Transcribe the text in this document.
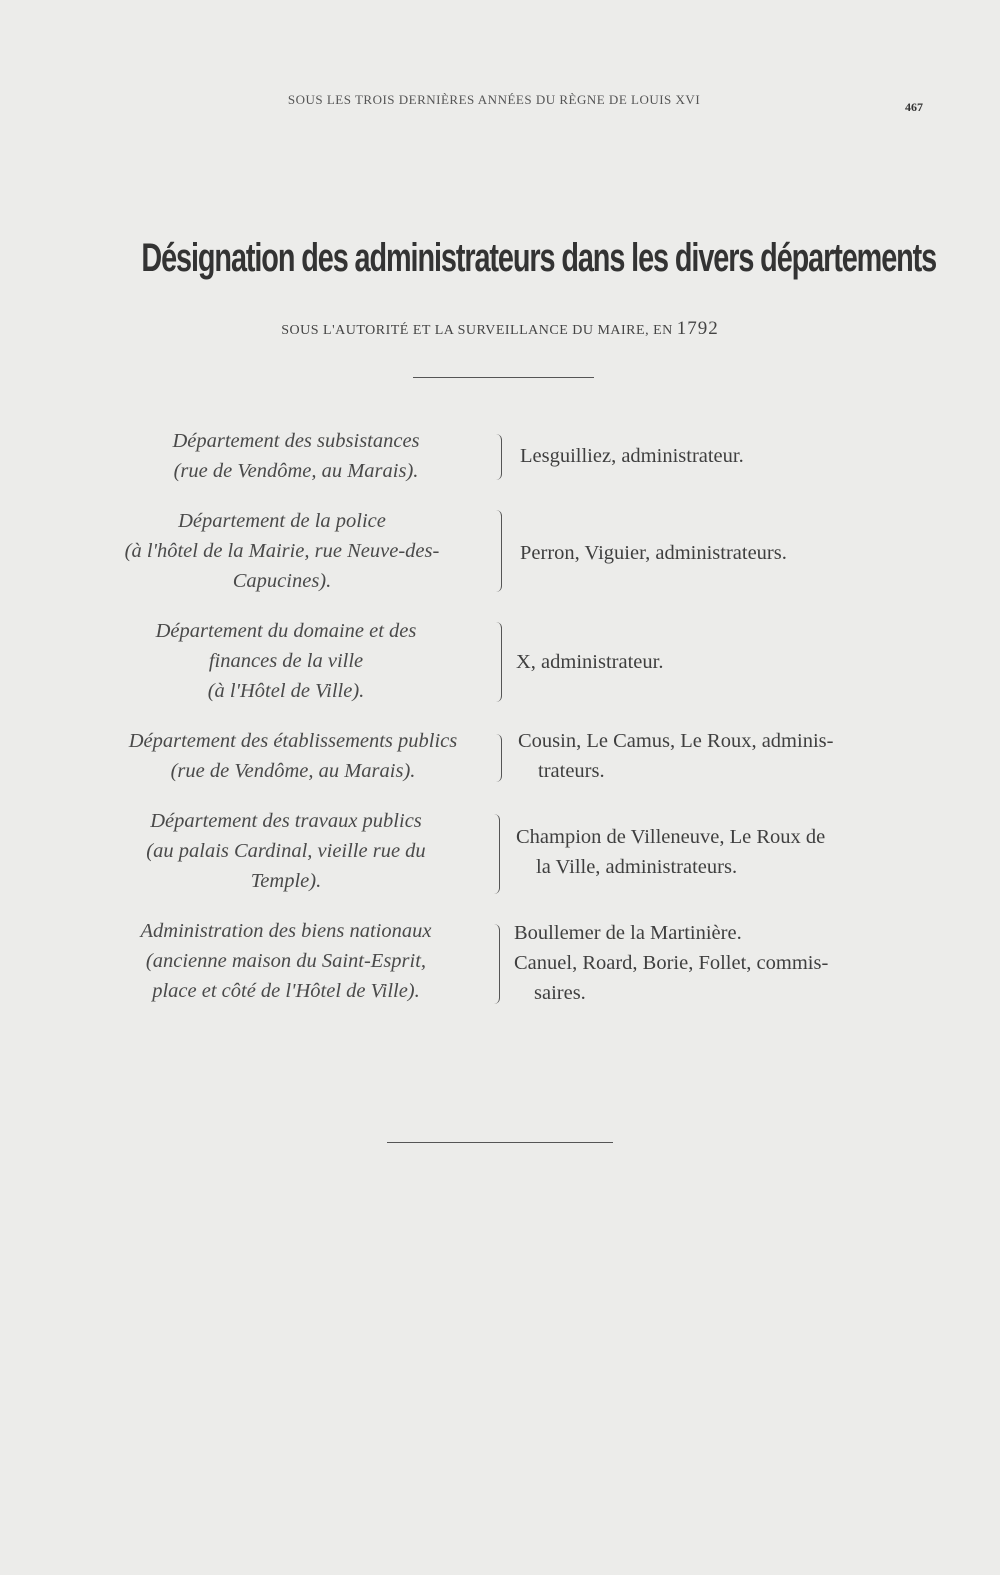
SOUS LES TROIS DERNIÈRES ANNÉES DU RÈGNE DE LOUIS XVI	467
Désignation des administrateurs dans les divers départements
SOUS L'AUTORITÉ ET LA SURVEILLANCE DU MAIRE, EN 1792
Département des subsistances
(rue de Vendôme, au Marais).
Lesguilliez, administrateur.
Département de la police
(à l'hôtel de la Mairie, rue Neuve-des-
Capucines).
Perron, Viguier, administrateurs.
Département du domaine et des
finances de la ville
(à l'Hôtel de Ville).
X, administrateur.
Département des établissements publics
(rue de Vendôme, au Marais).
Cousin, Le Camus, Le Roux, adminis-
trateurs.
Département des travaux publics
(au palais Cardinal, vieille rue du
Temple).
Champion de Villeneuve, Le Roux de
la Ville, administrateurs.
Administration des biens nationaux
(ancienne maison du Saint-Esprit,
place et côté de l'Hôtel de Ville).
Boullemer de la Martinière.
Canuel, Roard, Borie, Follet, commis-
saires.
